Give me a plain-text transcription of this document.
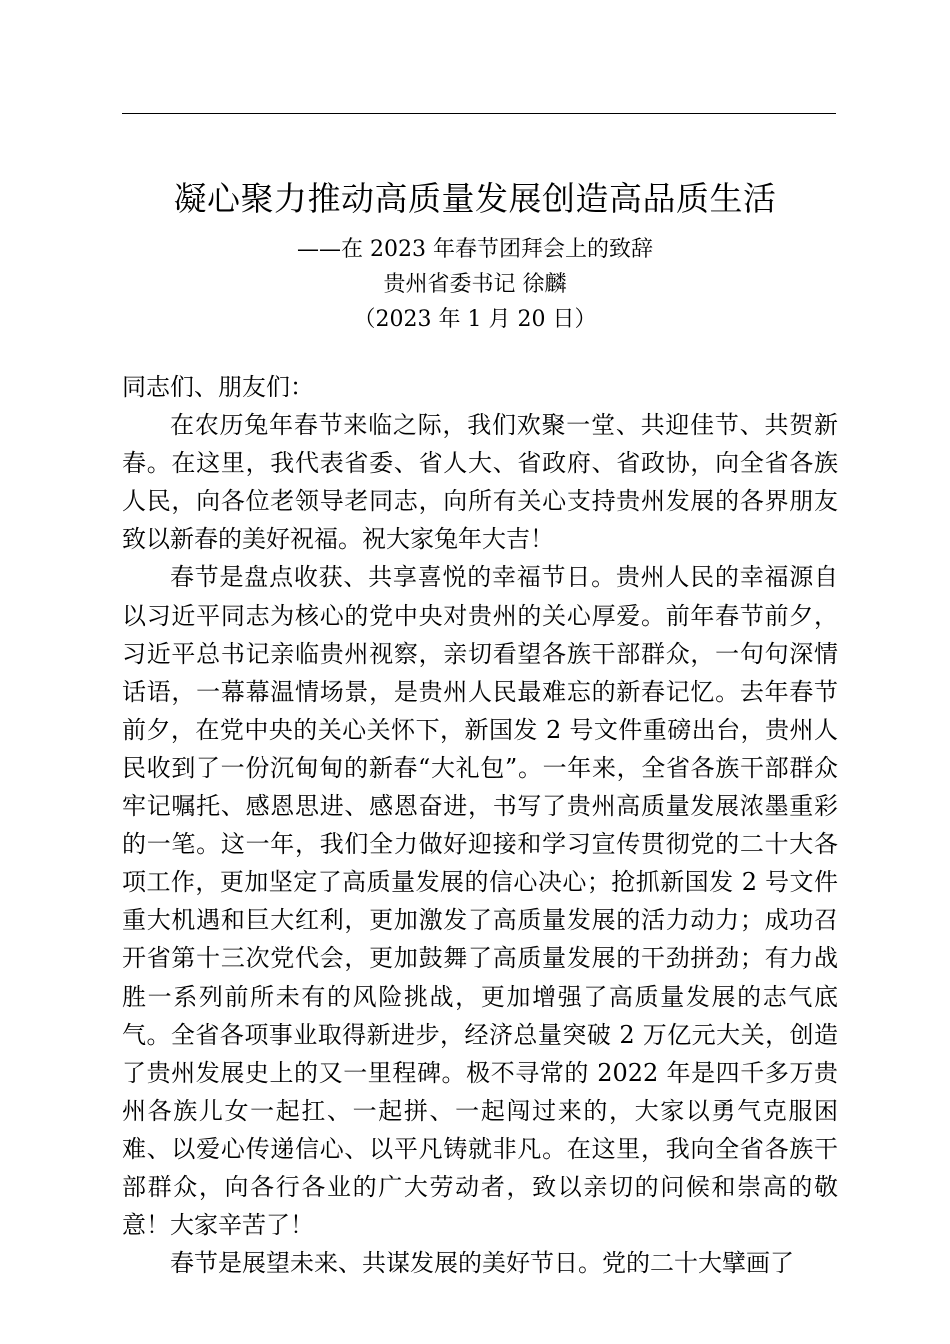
凝心聚力推动高质量发展创造高品质生活
——在 2023 年春节团拜会上的致辞
贵州省委书记 徐麟
（2023 年 1 月 20 日）

同志们、朋友们：

在农历兔年春节来临之际，我们欢聚一堂、共迎佳节、共贺新春。在这里，我代表省委、省人大、省政府、省政协，向全省各族人民，向各位老领导老同志，向所有关心支持贵州发展的各界朋友致以新春的美好祝福。祝大家兔年大吉！

春节是盘点收获、共享喜悦的幸福节日。贵州人民的幸福源自以习近平同志为核心的党中央对贵州的关心厚爱。前年春节前夕，习近平总书记亲临贵州视察，亲切看望各族干部群众，一句句深情话语，一幕幕温情场景，是贵州人民最难忘的新春记忆。去年春节前夕，在党中央的关心关怀下，新国发 2 号文件重磅出台，贵州人民收到了一份沉甸甸的新春“大礼包”。一年来，全省各族干部群众牢记嘱托、感恩思进、感恩奋进，书写了贵州高质量发展浓墨重彩的一笔。这一年，我们全力做好迎接和学习宣传贯彻党的二十大各项工作，更加坚定了高质量发展的信心决心；抢抓新国发 2 号文件重大机遇和巨大红利，更加激发了高质量发展的活力动力；成功召开省第十三次党代会，更加鼓舞了高质量发展的干劲拼劲；有力战胜一系列前所未有的风险挑战，更加增强了高质量发展的志气底气。全省各项事业取得新进步，经济总量突破 2 万亿元大关，创造了贵州发展史上的又一里程碑。极不寻常的 2022 年是四千多万贵州各族儿女一起扛、一起拼、一起闯过来的，大家以勇气克服困难、以爱心传递信心、以平凡铸就非凡。在这里，我向全省各族干部群众，向各行各业的广大劳动者，致以亲切的问候和崇高的敬意！大家辛苦了！

春节是展望未来、共谋发展的美好节日。党的二十大擘画了
